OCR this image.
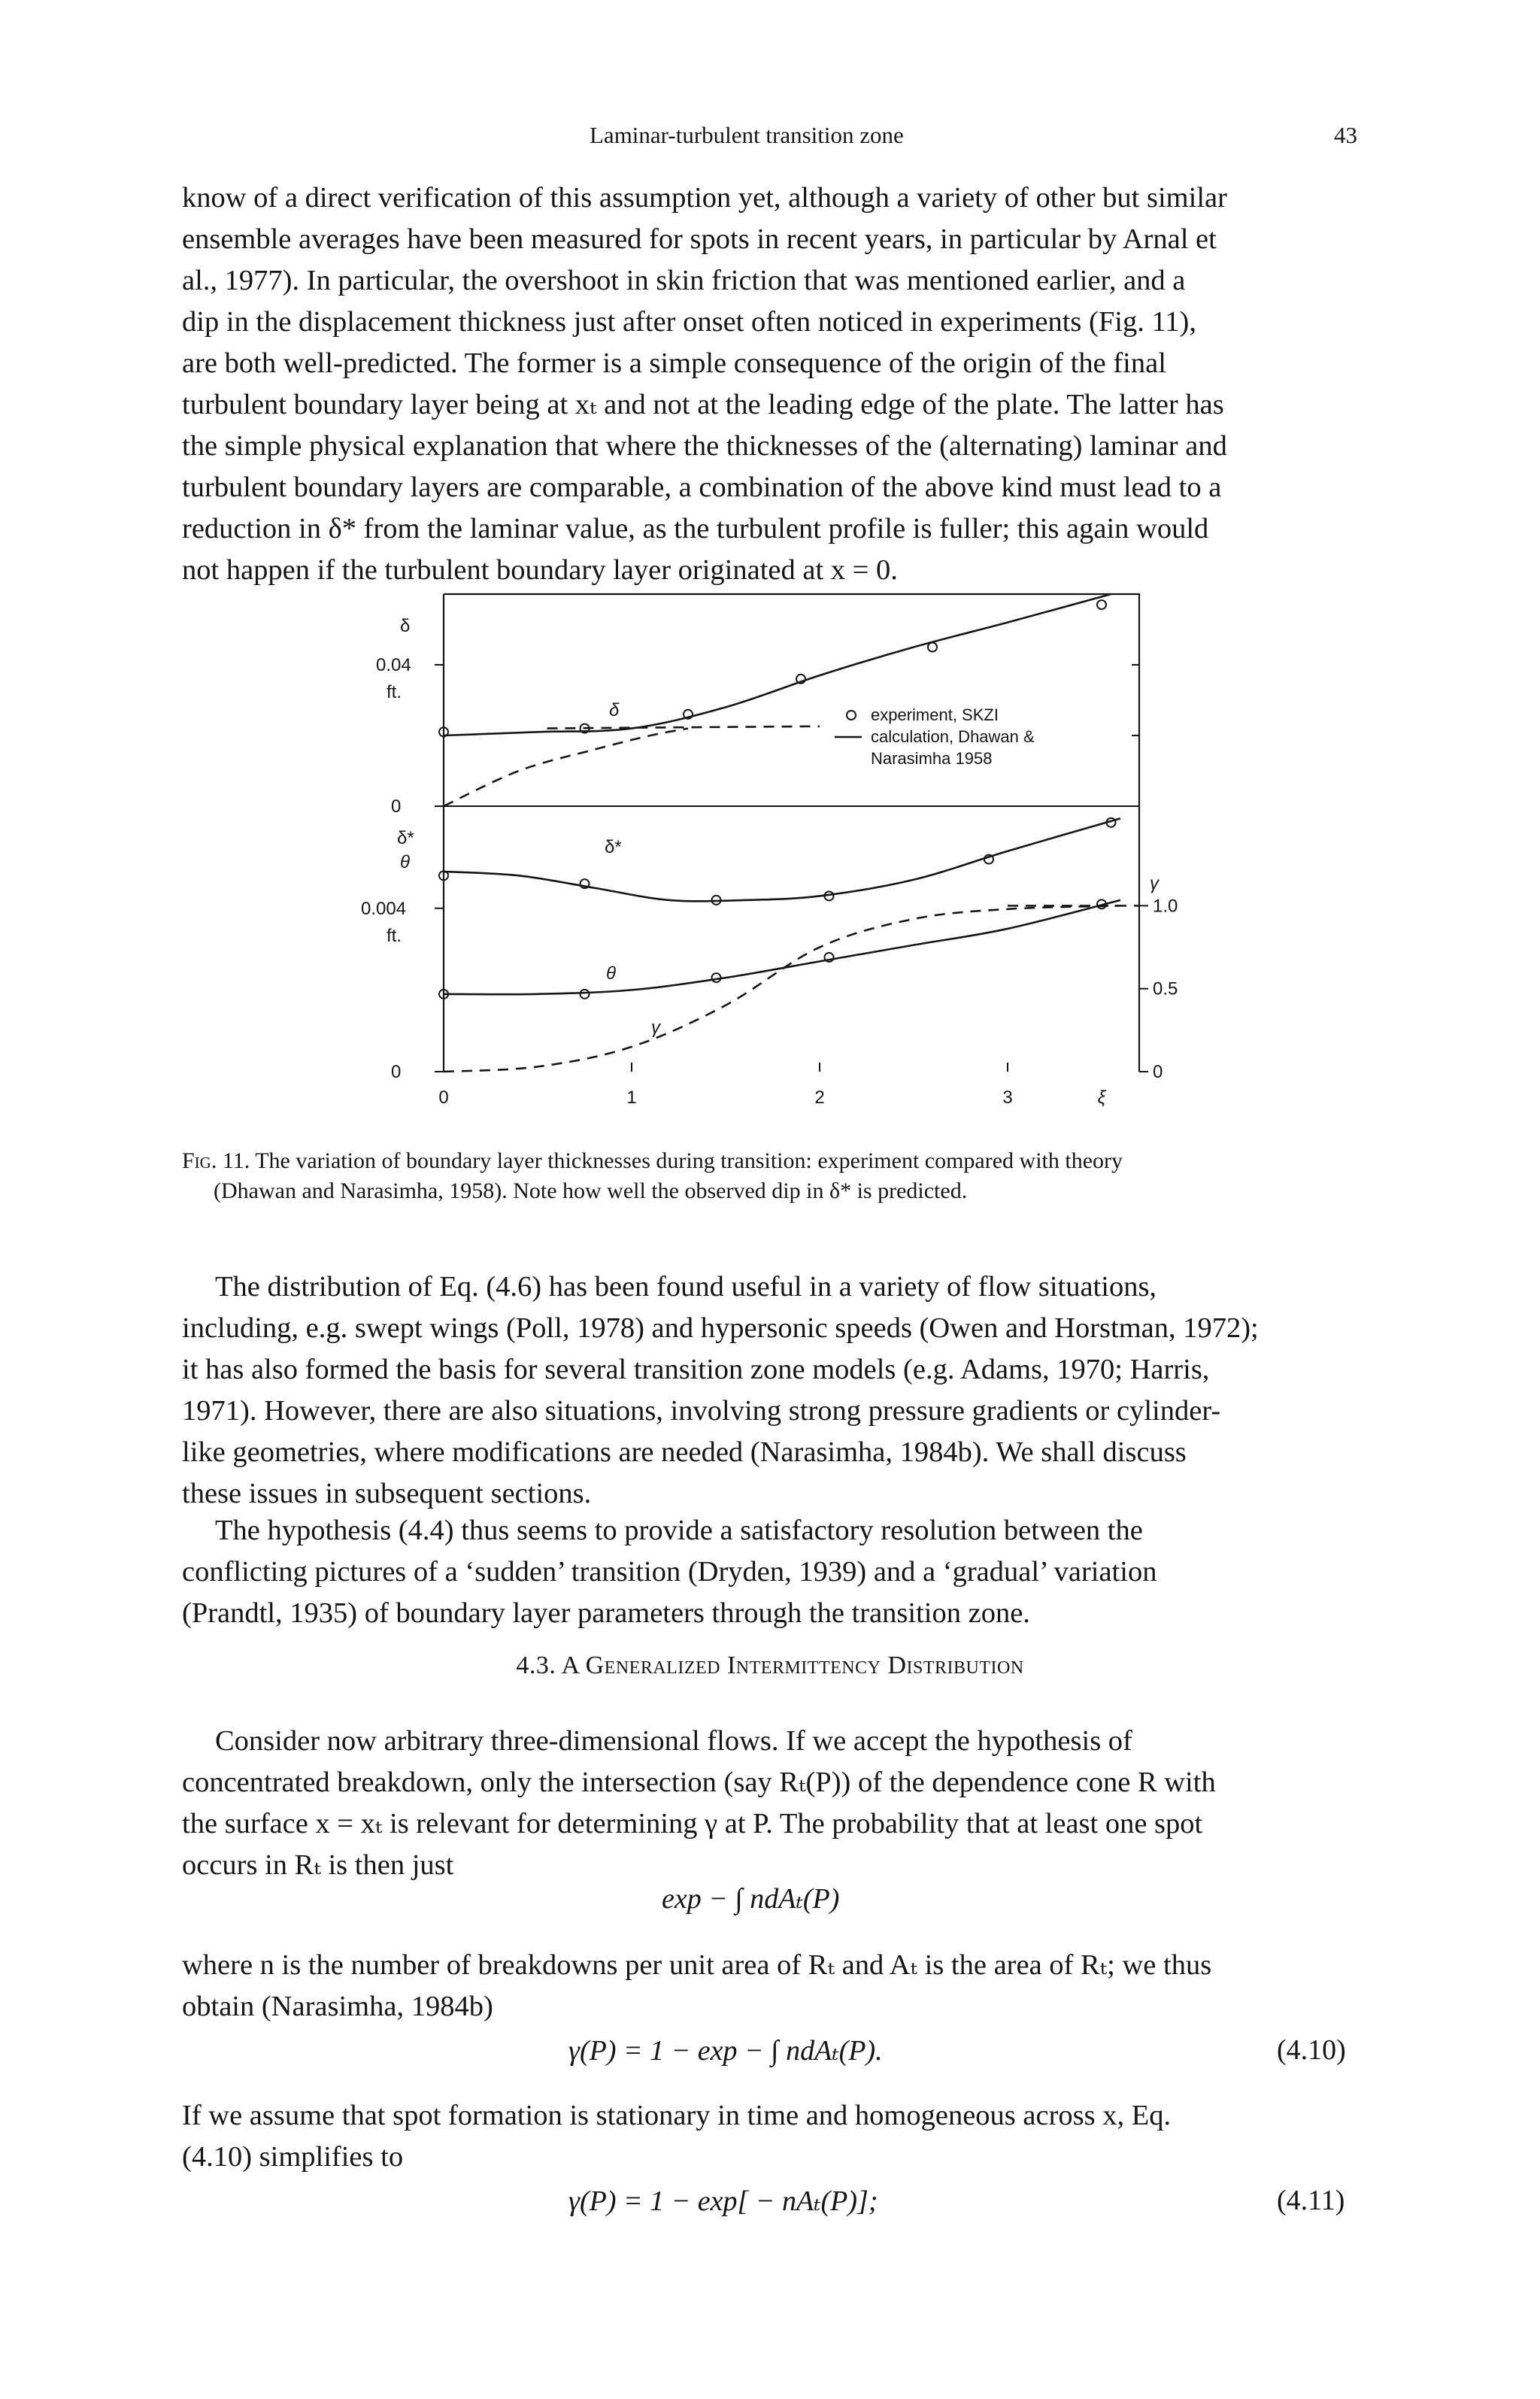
Laminar-turbulent transition zone	43
know of a direct verification of this assumption yet, although a variety of other but similar
ensemble averages have been measured for spots in recent years, in particular by Arnal et
al., 1977). In particular, the overshoot in skin friction that was mentioned earlier, and a
dip in the displacement thickness just after onset often noticed in experiments (Fig. 11),
are both well-predicted. The former is a simple consequence of the origin of the final
turbulent boundary layer being at xₜ and not at the leading edge of the plate. The latter has
the simple physical explanation that where the thicknesses of the (alternating) laminar and
turbulent boundary layers are comparable, a combination of the above kind must lead to a
reduction in δ* from the laminar value, as the turbulent profile is fuller; this again would
not happen if the turbulent boundary layer originated at x = 0.
δ
0.04
ft.
0
δ	experiment, SKZI
calculation, Dhawan &
Narasimha 1958
0	1	2	3	ξ
0.004
ft.
0
δ*
θ
0
0.5
1.0
γ
δ*
θ
γ
Fig. 11. The variation of boundary layer thicknesses during transition: experiment compared with theory
(Dhawan and Narasimha, 1958). Note how well the observed dip in δ* is predicted.
The distribution of Eq. (4.6) has been found useful in a variety of flow situations,
including, e.g. swept wings (Poll, 1978) and hypersonic speeds (Owen and Horstman, 1972);
it has also formed the basis for several transition zone models (e.g. Adams, 1970; Harris,
1971). However, there are also situations, involving strong pressure gradients or cylinder-
like geometries, where modifications are needed (Narasimha, 1984b). We shall discuss
these issues in subsequent sections.
The hypothesis (4.4) thus seems to provide a satisfactory resolution between the
conflicting pictures of a ‘sudden’ transition (Dryden, 1939) and a ‘gradual’ variation
(Prandtl, 1935) of boundary layer parameters through the transition zone.
4.3. A Generalized Intermittency Distribution
Consider now arbitrary three-dimensional flows. If we accept the hypothesis of
concentrated breakdown, only the intersection (say Rₜ(P)) of the dependence cone R with
the surface x = xₜ is relevant for determining γ at P. The probability that at least one spot
occurs in Rₜ is then just
exp − ∫ ndAₜ(P)
where n is the number of breakdowns per unit area of Rₜ and Aₜ is the area of Rₜ; we thus
obtain (Narasimha, 1984b)
γ(P) = 1 − exp − ∫ ndAₜ(P).	(4.10)
If we assume that spot formation is stationary in time and homogeneous across x, Eq.
(4.10) simplifies to
γ(P) = 1 − exp[ − nAₜ(P)];	(4.11)
